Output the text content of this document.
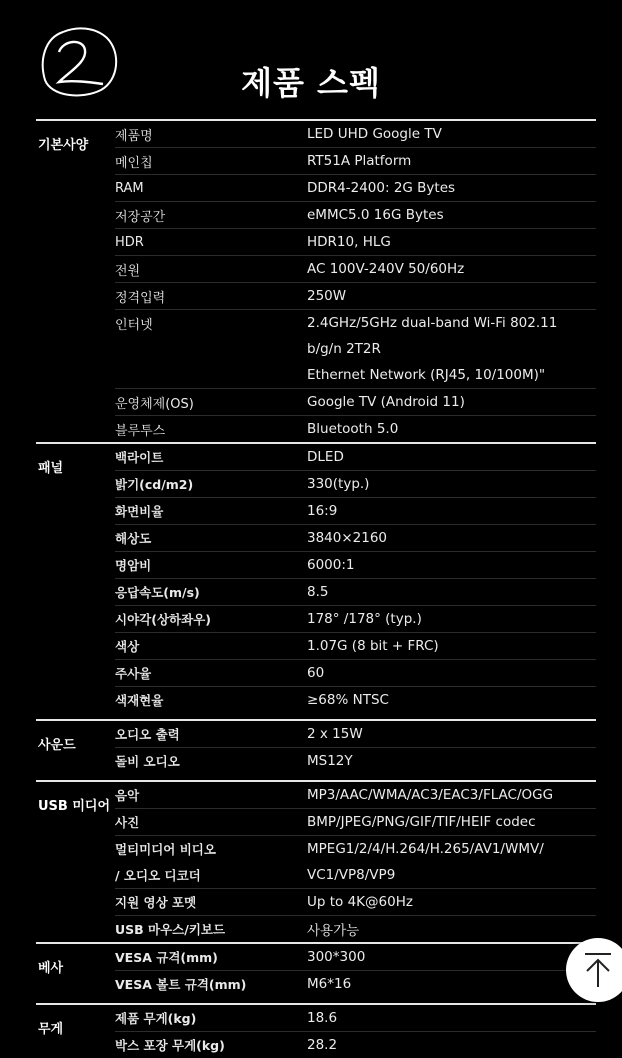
제품 스펙
기본사양
제품명	LED UHD Google TV
메인칩	RT51A Platform
RAM	DDR4-2400: 2G Bytes
저장공간	eMMC5.0 16G Bytes
HDR	HDR10, HLG
전원	AC 100V-240V 50/60Hz
정격입력	250W
인터넷	2.4GHz/5GHz dual-band Wi-Fi 802.11
b/g/n 2T2R
Ethernet Network (RJ45, 10/100M)"
운영체제(OS)	Google TV (Android 11)
블루투스	Bluetooth 5.0
패널
백라이트	DLED
밝기(cd/m2)	330(typ.)
화면비율	16:9
해상도	3840×2160
명암비	6000:1
응답속도(m/s)	8.5
시야각(상하좌우)	178° /178° (typ.)
색상	1.07G (8 bit + FRC)
주사율	60
색재현율	≥68% NTSC
사운드
오디오 출력	2 x 15W
돌비 오디오	MS12Y
USB 미디어
음악	MP3/AAC/WMA/AC3/EAC3/FLAC/OGG
사진	BMP/JPEG/PNG/GIF/TIF/HEIF codec
멀티미디어 비디오	MPEG1/2/4/H.264/H.265/AV1/WMV/
/ 오디오 디코더	VC1/VP8/VP9
지원 영상 포멧	Up to 4K@60Hz
USB 마우스/키보드	사용가능
베사
VESA 규격(mm)	300*300
VESA 볼트 규격(mm)	M6*16
무게
제품 무게(kg)	18.6
박스 포장 무게(kg)	28.2
